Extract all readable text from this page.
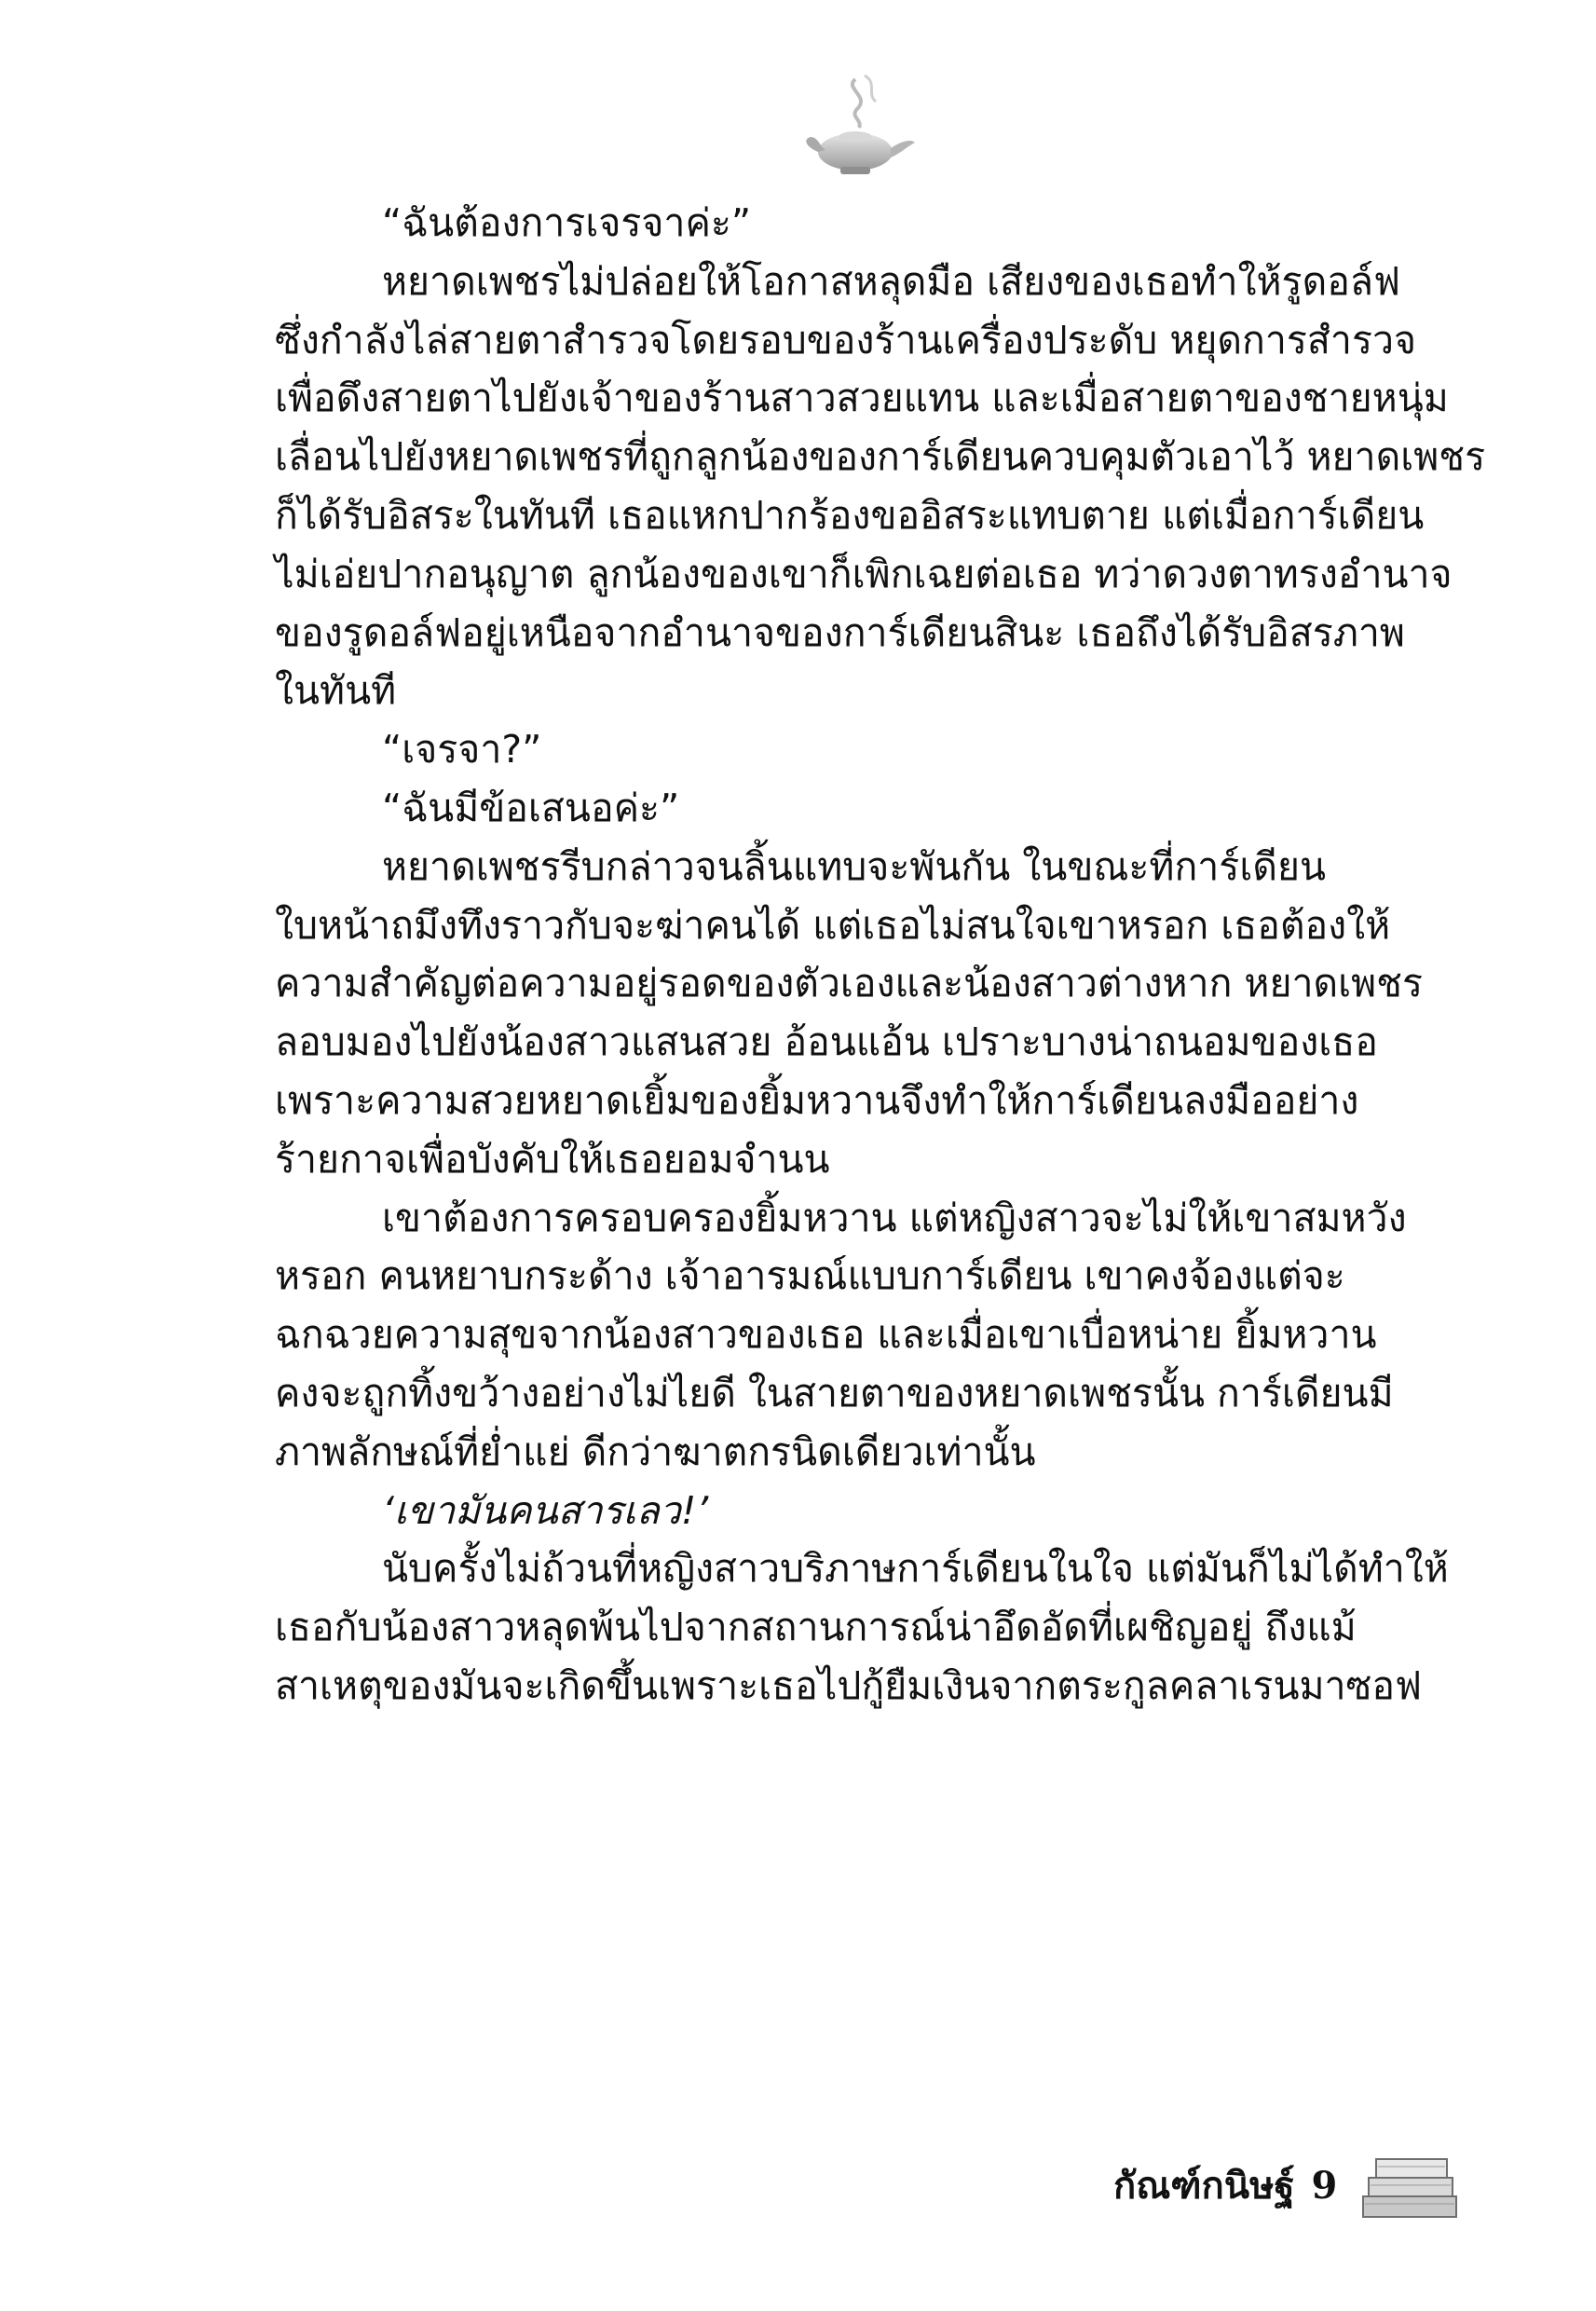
“ฉันต้องการเจรจาค่ะ”
หยาดเพชรไม่ปล่อยให้โอกาสหลุดมือ เสียงของเธอทำให้รูดอล์ฟ
ซึ่งกำลังไล่สายตาสำรวจโดยรอบของร้านเครื่องประดับ หยุดการสำรวจ
เพื่อดึงสายตาไปยังเจ้าของร้านสาวสวยแทน และเมื่อสายตาของชายหนุ่ม
เลื่อนไปยังหยาดเพชรที่ถูกลูกน้องของการ์เดียนควบคุมตัวเอาไว้ หยาดเพชร
ก็ได้รับอิสระในทันที เธอแหกปากร้องขออิสระแทบตาย แต่เมื่อการ์เดียน
ไม่เอ่ยปากอนุญาต ลูกน้องของเขาก็เพิกเฉยต่อเธอ ทว่าดวงตาทรงอำนาจ
ของรูดอล์ฟอยู่เหนือจากอำนาจของการ์เดียนสินะ เธอถึงได้รับอิสรภาพ
ในทันที
“เจรจา?”
“ฉันมีข้อเสนอค่ะ”
หยาดเพชรรีบกล่าวจนลิ้นแทบจะพันกัน ในขณะที่การ์เดียน
ใบหน้าถมึงทึงราวกับจะฆ่าคนได้ แต่เธอไม่สนใจเขาหรอก เธอต้องให้
ความสำคัญต่อความอยู่รอดของตัวเองและน้องสาวต่างหาก หยาดเพชร
ลอบมองไปยังน้องสาวแสนสวย อ้อนแอ้น เปราะบางน่าถนอมของเธอ
เพราะความสวยหยาดเยิ้มของยิ้มหวานจึงทำให้การ์เดียนลงมืออย่าง
ร้ายกาจเพื่อบังคับให้เธอยอมจำนน
เขาต้องการครอบครองยิ้มหวาน แต่หญิงสาวจะไม่ให้เขาสมหวัง
หรอก คนหยาบกระด้าง เจ้าอารมณ์แบบการ์เดียน เขาคงจ้องแต่จะ
ฉกฉวยความสุขจากน้องสาวของเธอ และเมื่อเขาเบื่อหน่าย ยิ้มหวาน
คงจะถูกทิ้งขว้างอย่างไม่ไยดี ในสายตาของหยาดเพชรนั้น การ์เดียนมี
ภาพลักษณ์ที่ย่ำแย่ ดีกว่าฆาตกรนิดเดียวเท่านั้น
‘เขามันคนสารเลว!’
นับครั้งไม่ถ้วนที่หญิงสาวบริภาษการ์เดียนในใจ แต่มันก็ไม่ได้ทำให้
เธอกับน้องสาวหลุดพ้นไปจากสถานการณ์น่าอึดอัดที่เผชิญอยู่ ถึงแม้
สาเหตุของมันจะเกิดขึ้นเพราะเธอไปกู้ยืมเงินจากตระกูลคลาเรนมาซอฟ
กัณฑ์กนิษฐ์ 9
